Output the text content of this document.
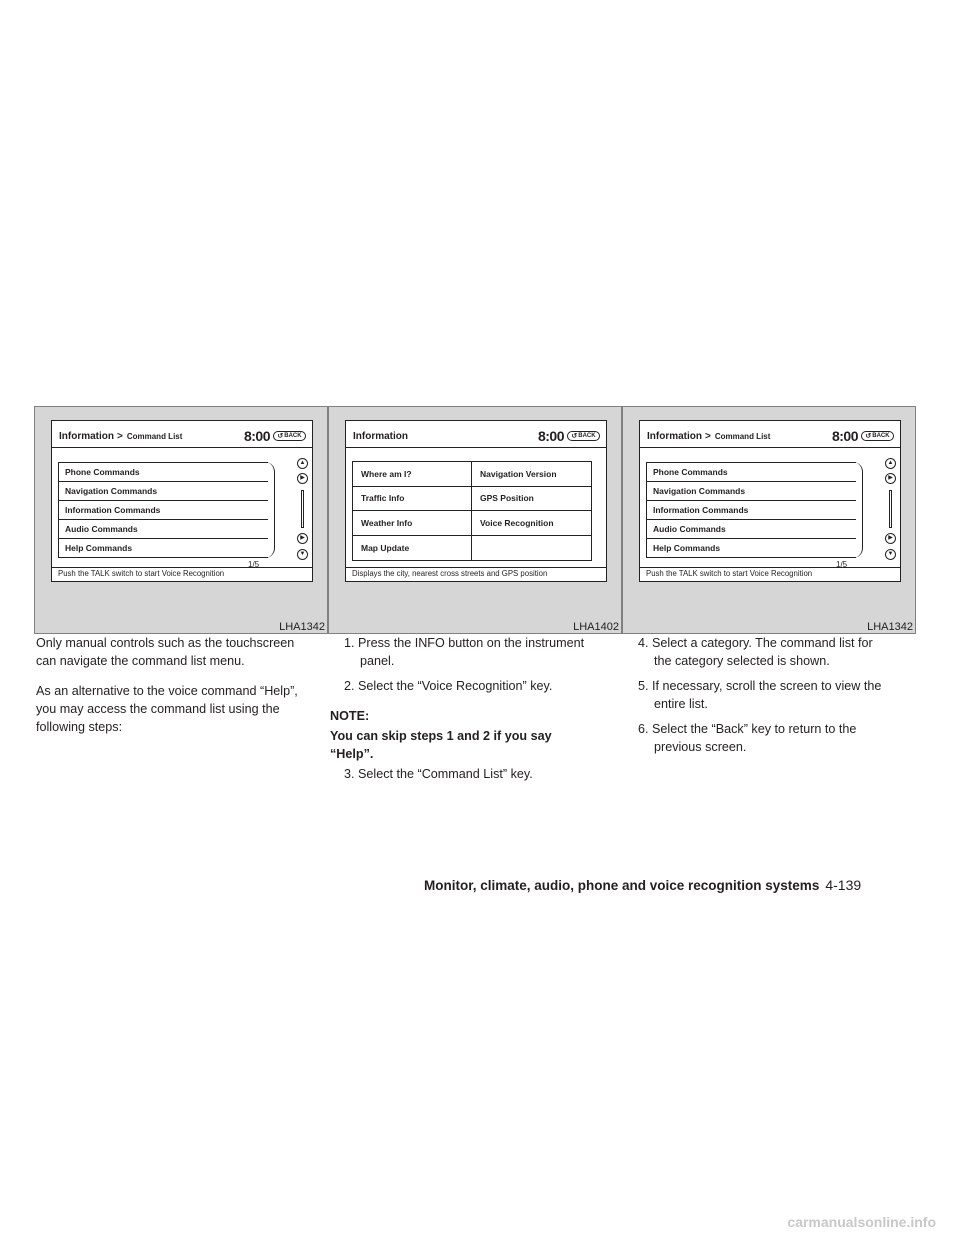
Information > Command List	8:00 ↺ BACK
Phone Commands
Navigation Commands
Information Commands
Audio Commands
Help Commands
▲
▶
▶
▼
1/5
Push the TALK switch to start Voice Recognition
LHA1342
Information	8:00 ↺ BACK
Where am I?	Navigation Version
Traffic Info	GPS Position
Weather Info	Voice Recognition
Map Update
Displays the city, nearest cross streets and GPS position
LHA1402
Information > Command List	8:00 ↺ BACK
Phone Commands
Navigation Commands
Information Commands
Audio Commands
Help Commands
▲
▶
▶
▼
1/5
Push the TALK switch to start Voice Recognition
LHA1342

Only manual controls such as the touchscreen can navigate the command list menu.

As an alternative to the voice command “Help”, you may access the command list using the following steps:

1. Press the INFO button on the instrument panel.

2. Select the “Voice Recognition” key.

NOTE:

You can skip steps 1 and 2 if you say “Help”.

3. Select the “Command List” key.

4. Select a category. The command list for the category selected is shown.

5. If necessary, scroll the screen to view the entire list.

6. Select the “Back” key to return to the previous screen.

Monitor, climate, audio, phone and voice recognition systems 4-139
carmanualsonline.info
